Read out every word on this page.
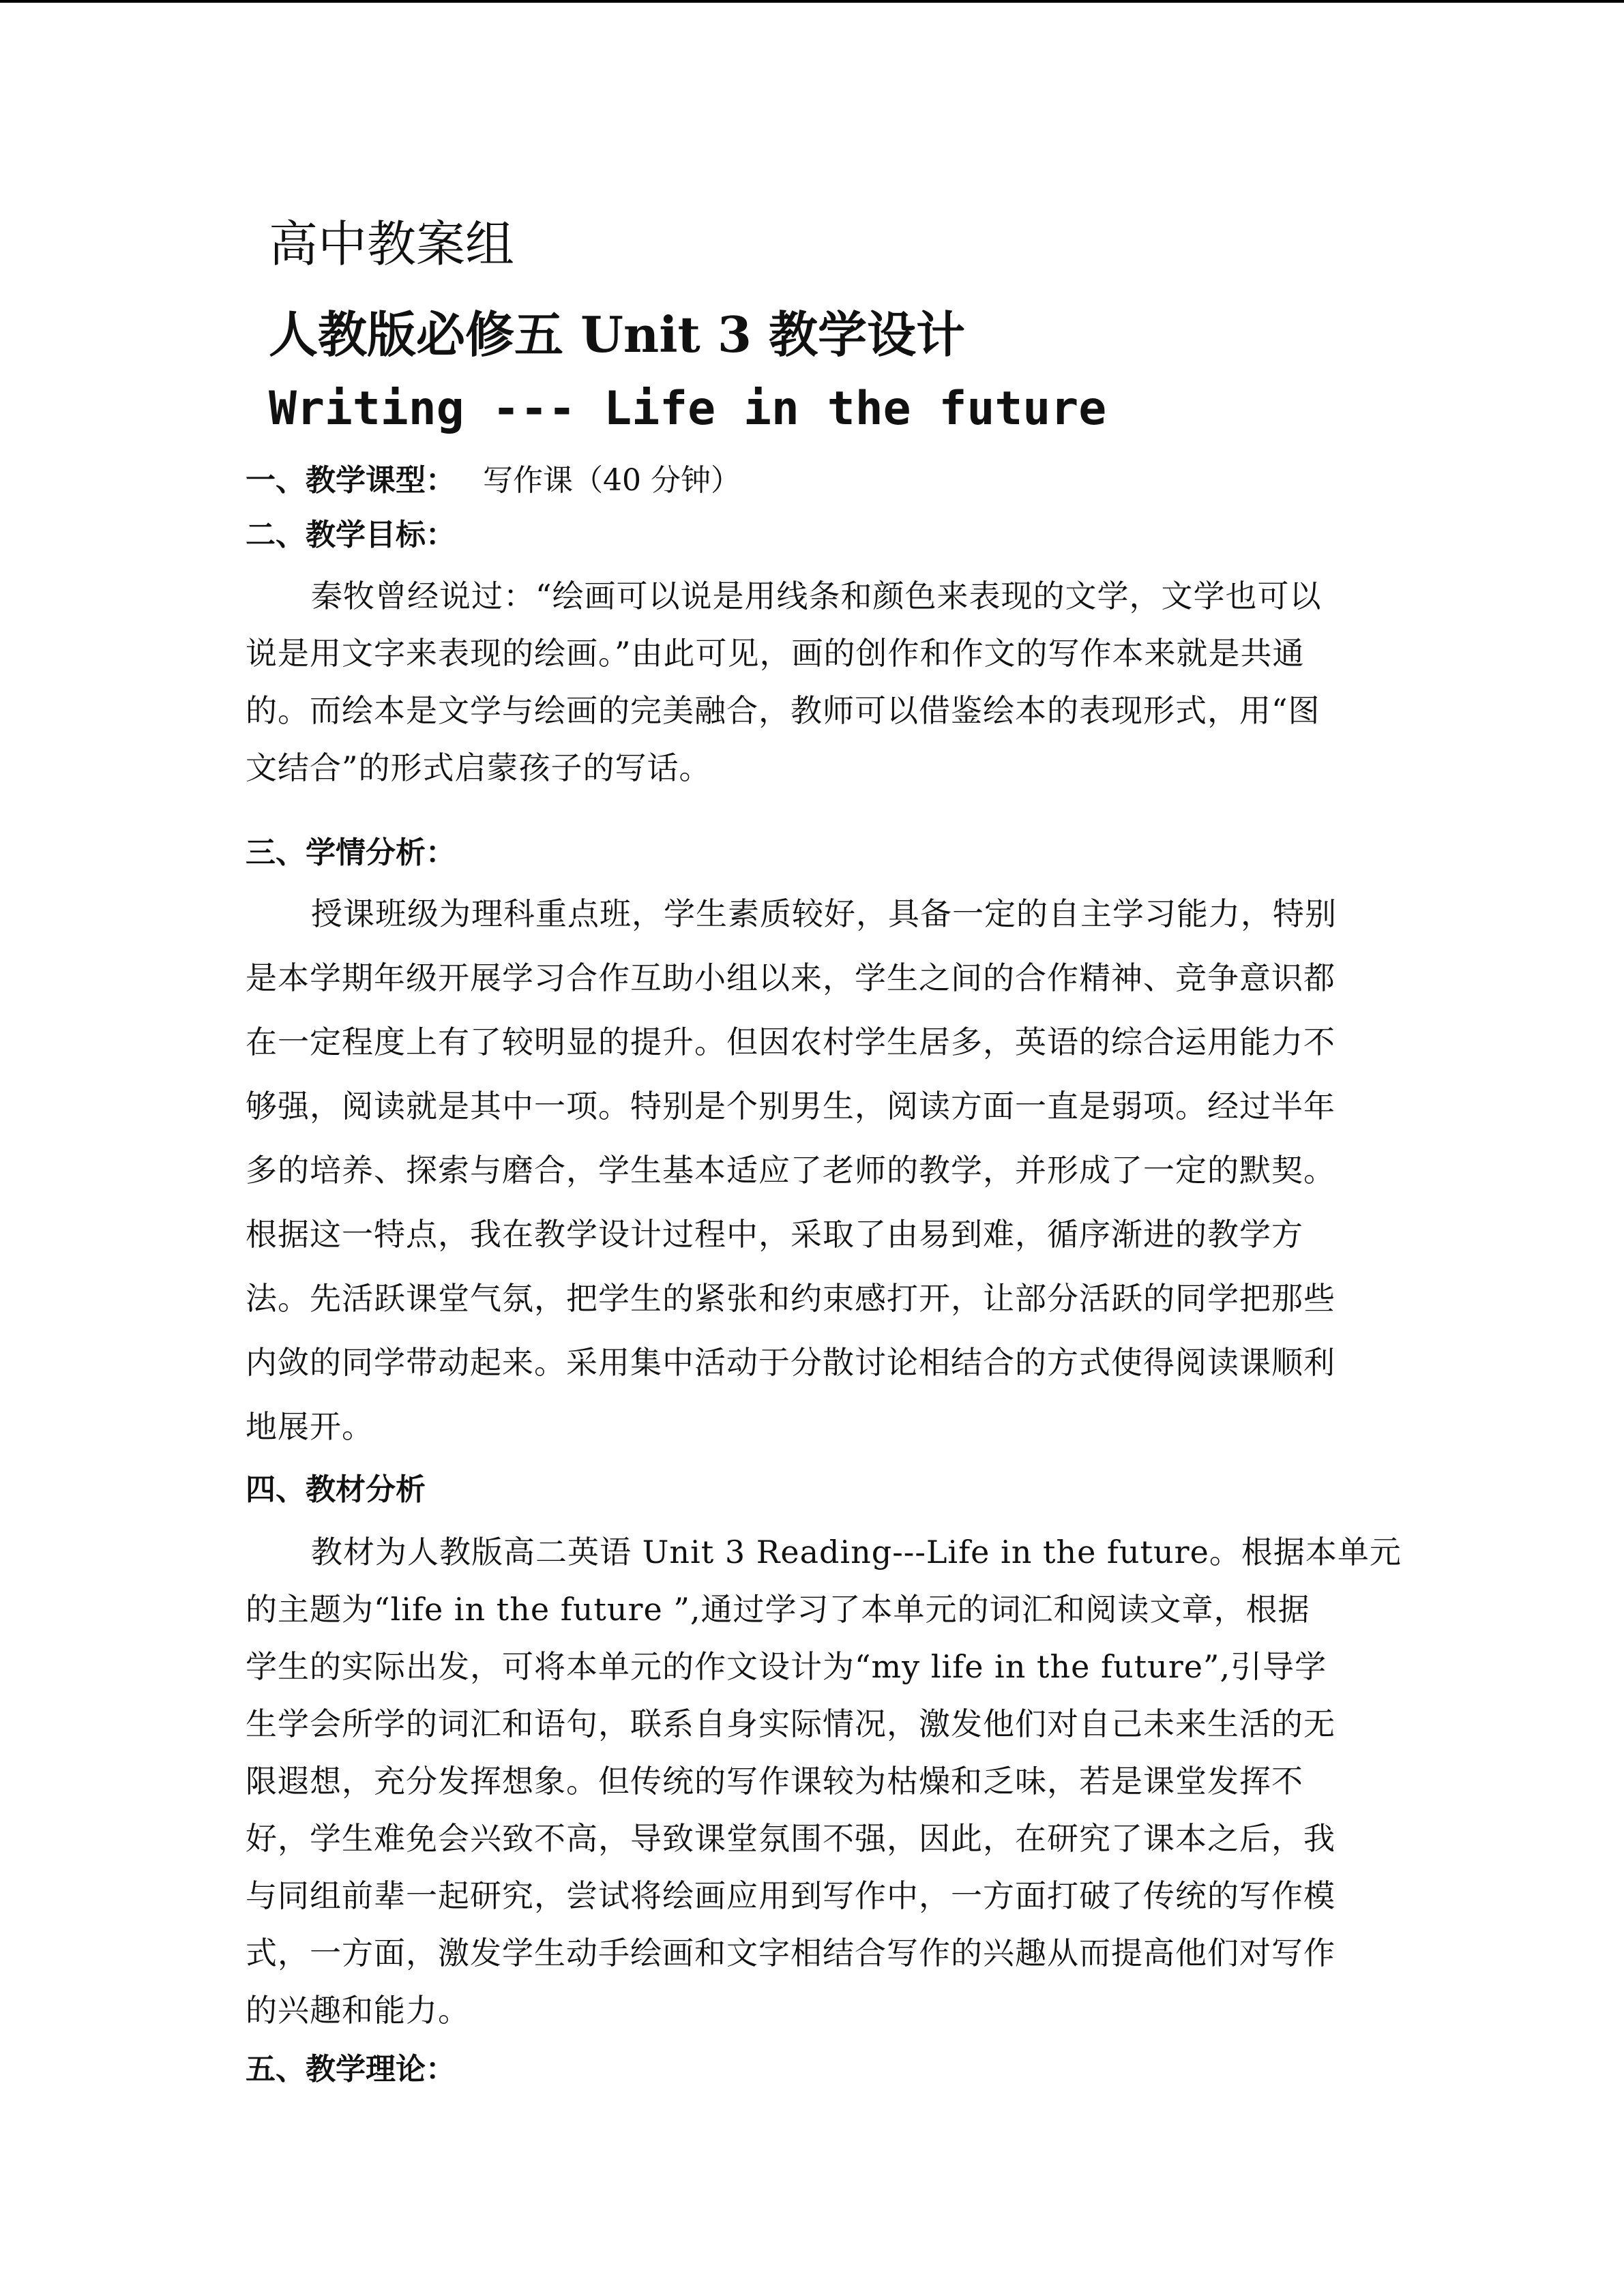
高中教案组
人教版必修五 Unit 3 教学设计
Writing --- Life in the future
一、教学课型： 写作课（40 分钟）
二、教学目标：
秦牧曾经说过：“绘画可以说是用线条和颜色来表现的文学，文学也可以
说是用文字来表现的绘画。”由此可见，画的创作和作文的写作本来就是共通
的。而绘本是文学与绘画的完美融合，教师可以借鉴绘本的表现形式，用“图
文结合”的形式启蒙孩子的写话。
三、学情分析：
授课班级为理科重点班，学生素质较好，具备一定的自主学习能力，特别
是本学期年级开展学习合作互助小组以来，学生之间的合作精神、竞争意识都
在一定程度上有了较明显的提升。但因农村学生居多，英语的综合运用能力不
够强，阅读就是其中一项。特别是个别男生，阅读方面一直是弱项。经过半年
多的培养、探索与磨合，学生基本适应了老师的教学，并形成了一定的默契。
根据这一特点，我在教学设计过程中，采取了由易到难，循序渐进的教学方
法。先活跃课堂气氛，把学生的紧张和约束感打开，让部分活跃的同学把那些
内敛的同学带动起来。采用集中活动于分散讨论相结合的方式使得阅读课顺利
地展开。
四、教材分析
教材为人教版高二英语 Unit 3 Reading---Life in the future。根据本单元
的主题为“life in the future ”,通过学习了本单元的词汇和阅读文章，根据
学生的实际出发，可将本单元的作文设计为“my life in the future”,引导学
生学会所学的词汇和语句，联系自身实际情况，激发他们对自己未来生活的无
限遐想，充分发挥想象。但传统的写作课较为枯燥和乏味，若是课堂发挥不
好，学生难免会兴致不高，导致课堂氛围不强，因此，在研究了课本之后，我
与同组前辈一起研究，尝试将绘画应用到写作中，一方面打破了传统的写作模
式，一方面，激发学生动手绘画和文字相结合写作的兴趣从而提高他们对写作
的兴趣和能力。
五、教学理论：
